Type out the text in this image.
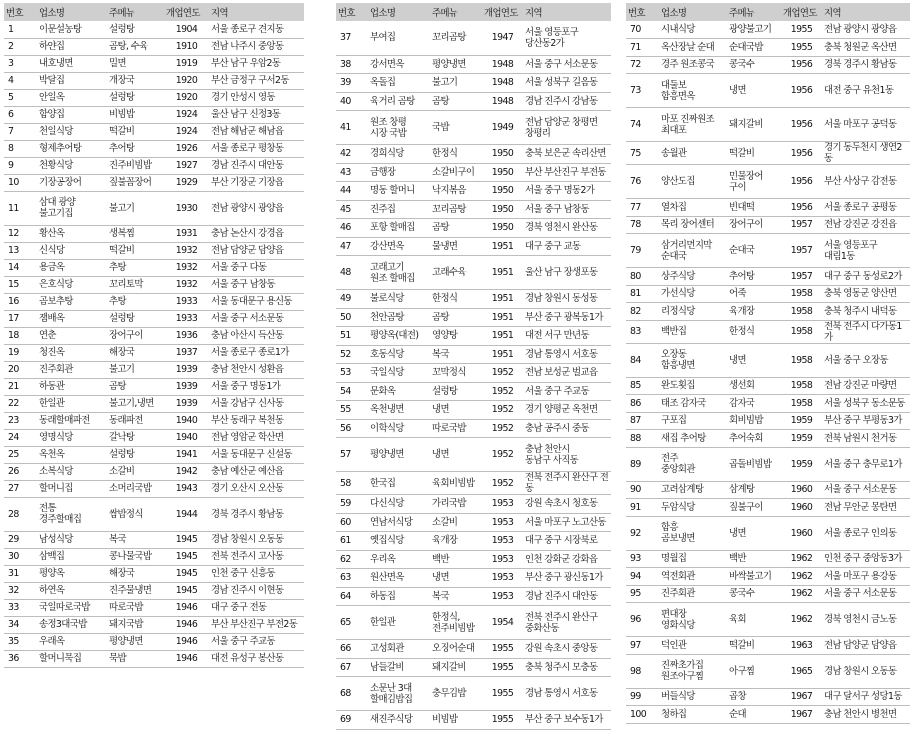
번호	업소명	주메뉴	개업연도	지역
1	이문설농탕	설렁탕	1904	서울 종로구 견지동
2	하얀집	곰탕, 수육	1910	전남 나주시 중앙동
3	내호냉면	밀면	1919	부산 남구 우암2동
4	박달집	개장국	1920	부산 금정구 구서2동
5	안일옥	설렁탕	1920	경기 안성시 영동
6	함양집	비빔밥	1924	울산 남구 신정3동
7	천일식당	떡갈비	1924	전남 해남군 해남읍
8	형제추어탕	추어탕	1926	서울 종로구 평창동
9	천황식당	진주비빔밥	1927	경남 진주시 대안동
10	기장공장어	짚불꼼장어	1929	부산 기장군 기장읍
11	삼대 광양
불고기집	불고기	1930	전남 광양시 광양읍
12	황산옥	생복찜	1931	충남 논산시 강경읍
13	신식당	떡갈비	1932	전남 담양군 담양읍
14	용금옥	추탕	1932	서울 중구 다동
15	은호식당	꼬리토막	1932	서울 중구 남창동
16	곰보추탕	추탕	1933	서울 동대문구 용신동
17	잼배옥	설렁탕	1933	서울 중구 서소문동
18	연춘	장어구이	1936	충남 아산시 득산동
19	청진옥	해장국	1937	서울 종로구 종로1가
20	진주회관	불고기	1939	충남 천안시 성환읍
21	하동관	곰탕	1939	서울 중구 명동1가
22	한일관	불고기,냉면	1939	서울 강남구 신사동
23	동래할매파전	동래파전	1940	부산 동래구 복천동
24	영명식당	갈낙탕	1940	전남 영암군 학산면
25	옥천옥	설렁탕	1941	서울 동대문구 신설동
26	소복식당	소갈비	1942	충남 예산군 예산읍
27	할머니집	소머리국밥	1943	경기 오산시 오산동
28	전통
경주할매집	쌈밥정식	1944	경북 경주시 황남동
29	남성식당	복국	1945	경남 창원시 오동동
30	삼백집	콩나물국밥	1945	전북 전주시 고사동
31	평양옥	해장국	1945	인천 중구 신흥동
32	하연옥	진주물냉면	1945	경남 진주시 이현동
33	국일따로국밥	따로국밥	1946	대구 중구 전동
34	송정3대국밥	돼지국밥	1946	부산 부산진구 부전2동
35	우래옥	평양냉면	1946	서울 중구 주교동
36	할머니묵집	묵밥	1946	대전 유성구 봉산동
번호	업소명	주메뉴	개업연도	지역
37	부여집	꼬리곰탕	1947	서울 영등포구
당산동2가
38	강서면옥	평양냉면	1948	서울 중구 서소문동
39	옥돌집	불고기	1948	서울 성북구 길음동
40	육거리 곰탕	곰탕	1948	경남 진주시 강남동
41	원조 창평
시장 국밥	국밥	1949	전남 담양군 창평면
창평리
42	경희식당	한정식	1950	충북 보은군 속리산면
43	금행장	소갈비구이	1950	부산 부산진구 부전동
44	명동 할머니	낙지볶음	1950	서울 중구 명동2가
45	진주집	꼬리곰탕	1950	서울 중구 남창동
46	포항 할매집	곰탕	1950	경북 영천시 완산동
47	강산면옥	물냉면	1951	대구 중구 교동
48	고래고기
원조 할매집	고래수육	1951	울산 남구 장생포동
49	불로식당	한정식	1951	경남 창원시 동성동
50	천안곰탕	곰탕	1951	부산 중구 광복동1가
51	평양옥(대전)	영양탕	1951	대전 서구 만년동
52	호동식당	복국	1951	경남 통영시 서호동
53	국일식당	꼬막정식	1952	전남 보성군 벌교읍
54	문화옥	설렁탕	1952	서울 중구 주교동
55	옥천냉면	냉면	1952	경기 양평군 옥천면
56	이학식당	따로국밥	1952	충남 공주시 중동
57	평양냉면	냉면	1952	충남 천안시
동남구 사직동
58	한국집	육회비빔밥	1952	전북 전주시 완산구 전동
59	다신식당	가리국밥	1953	강원 속초시 청호동
60	연남서식당	소갈비	1953	서울 마포구 노고산동
61	옛집식당	육개장	1953	대구 중구 시장북로
62	우리옥	백반	1953	인천 강화군 강화읍
63	원산면옥	냉면	1953	부산 중구 광신동1가
64	하동집	복국	1953	경남 진주시 대안동
65	한일관	한정식,
전주비빔밥	1954	전북 전주시 완산구
중화산동
66	고성회관	오징어순대	1955	강원 속초시 중앙동
67	남들갈비	돼지갈비	1955	충북 청주시 모충동
68	소문난 3대
할매김밥집	충무김밥	1955	경남 통영시 서호동
69	새진주식당	비빔밥	1955	부산 중구 보수동1가
번호	업소명	주메뉴	개업연도	지역
70	시내식당	광양불고기	1955	전남 광양시 광양읍
71	옥산장날 순대	순대국밥	1955	충북 청원군 옥산면
72	경주 원조콩국	콩국수	1956	경북 경주시 황남동
73	대둘보
함흥면옥	냉면	1956	대전 중구 유천1동
74	마포 진짜원조
최대포	돼지갈비	1956	서울 마포구 공덕동
75	송월관	떡갈비	1956	경기 동두천시 생연2동
76	양산도집	민물장어
구이	1956	부산 사상구 감전동
77	열차집	빈대떡	1956	서울 종로구 공평동
78	목리 장어센터	장어구이	1957	전남 강진군 강진읍
79	삼거리먼지막
순대국	순대국	1957	서울 영등포구
대림1동
80	상주식당	추어탕	1957	대구 중구 동성로2가
81	가선식당	어죽	1958	충북 영동군 양산면
82	리정식당	육개장	1958	충북 청주시 내덕동
83	백반집	한정식	1958	전북 전주시 다가동1가
84	오장동
함흥냉면	냉면	1958	서울 중구 오장동
85	완도횟집	생선회	1958	전남 강진군 마량면
86	태조 감자국	감자국	1958	서울 성북구 동소문동
87	구포집	회비빔밥	1959	부산 중구 부평동3가
88	새집 추어탕	추어숙회	1959	전북 남원시 천거동
89	전주
중앙회관	곱돌비빔밥	1959	서울 중구 충무로1가
90	고려삼계탕	삼계탕	1960	서울 중구 서소문동
91	두암식당	짚불구이	1960	전남 무안군 몽탄면
92	함흥
곰보냉면	냉면	1960	서울 종로구 인의동
93	명월집	백반	1962	인천 중구 중앙동3가
94	역전회관	바싹불고기	1962	서울 마포구 용강동
95	진주회관	콩국수	1962	서울 중구 서소문동
96	편대장
영화식당	육회	1962	경북 영천시 금노동
97	덕인관	떡갈비	1963	전남 담양군 담양읍
98	진짜초가집
원조아구찜	아구찜	1965	경남 창원시 오동동
99	버들식당	곱창	1967	대구 달서구 성당1동
100	청하집	순대	1967	충남 천안시 병천면
